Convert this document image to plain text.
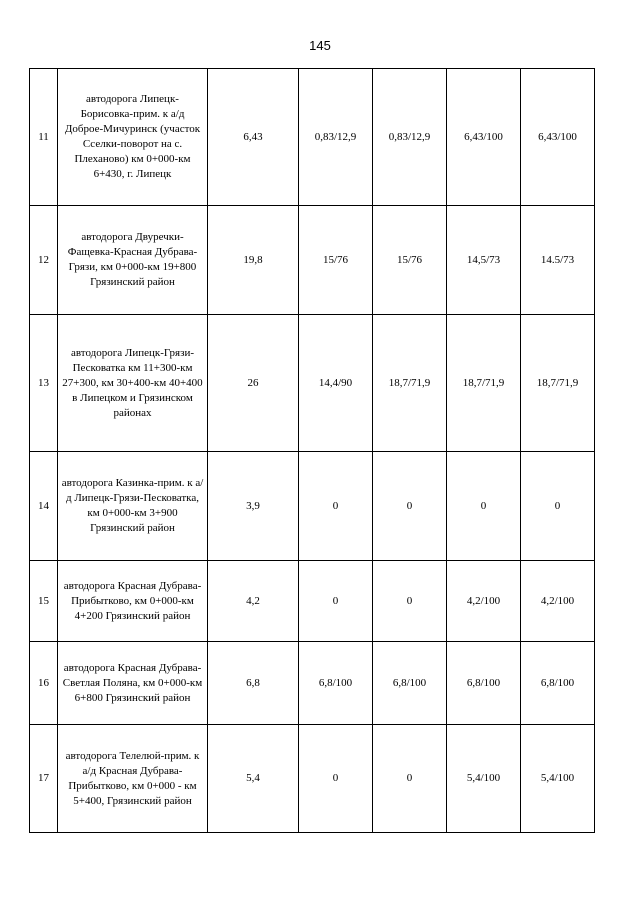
145
11	автодорога Липецк-Борисовка-прим. к а/д Доброе-Мичуринск (участок Сселки-поворот на с. Плеханово) км 0+000-км 6+430, г. Липецк	6,43	0,83/12,9	0,83/12,9	6,43/100	6,43/100
12	автодорога Двуречки-Фащевка-Красная Дубрава-Грязи, км 0+000-км 19+800 Грязинский район	19,8	15/76	15/76	14,5/73	14.5/73
13	автодорога Липецк-Грязи-Песковатка км 11+300-км 27+300, км 30+400-км 40+400 в Липецком и Грязинском районах	26	14,4/90	18,7/71,9	18,7/71,9	18,7/71,9
14	автодорога Казинка-прим. к а/д Липецк-Грязи-Песковатка, км 0+000-км 3+900 Грязинский район	3,9	0	0	0	0
15	автодорога Красная Дубрава-Прибытково, км 0+000-км 4+200 Грязинский район	4,2	0	0	4,2/100	4,2/100
16	автодорога Красная Дубрава-Светлая Поляна, км 0+000-км 6+800 Грязинский район	6,8	6,8/100	6,8/100	6,8/100	6,8/100
17	автодорога Телелюй-прим. к а/д Красная Дубрава-Прибытково, км 0+000 - км 5+400, Грязинский район	5,4	0	0	5,4/100	5,4/100
